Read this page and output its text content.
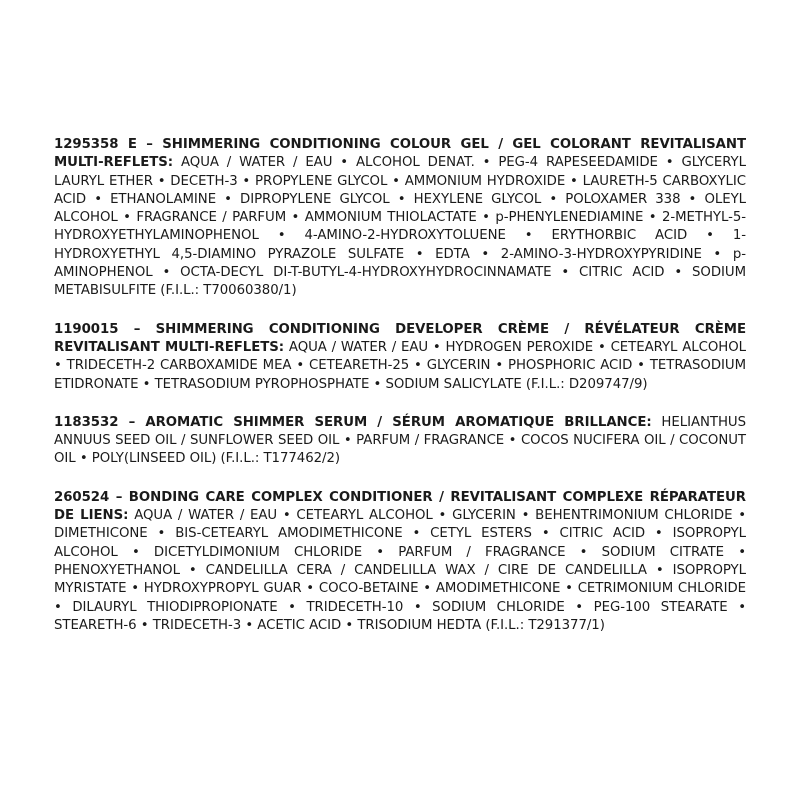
1295358 E – SHIMMERING CONDITIONING COLOUR GEL / GEL COLORANT REVITALISANT MULTI-REFLETS: AQUA / WATER / EAU • ALCOHOL DENAT. • PEG-4 RAPESEEDAMIDE • GLYCERYL LAURYL ETHER • DECETH-3 • PROPYLENE GLYCOL • AMMONIUM HYDROXIDE • LAURETH-5 CARBOXYLIC ACID • ETHANOLAMINE • DIPROPYLENE GLYCOL • HEXYLENE GLYCOL • POLOXAMER 338 • OLEYL ALCOHOL • FRAGRANCE / PARFUM • AMMONIUM THIOLACTATE • p-PHENYLENEDIAMINE • 2-METHYL-5-HYDROXYETHYLAMINOPHENOL • 4-AMINO-2-HYDROXYTOLUENE • ERYTHORBIC ACID • 1-HYDROXYETHYL 4,5-DIAMINO PYRAZOLE SULFATE • EDTA • 2-AMINO-3-HYDROXYPYRIDINE • p-AMINOPHENOL • OCTA-DECYL DI-T-BUTYL-4-HYDROXYHYDROCINNAMATE • CITRIC ACID • SODIUM METABISULFITE (F.I.L.: T70060380/1)

1190015 – SHIMMERING CONDITIONING DEVELOPER CRÈME / RÉVÉLATEUR CRÈME REVITALISANT MULTI-REFLETS: AQUA / WATER / EAU • HYDROGEN PEROXIDE • CETEARYL ALCOHOL • TRIDECETH-2 CARBOXAMIDE MEA • CETEARETH-25 • GLYCERIN • PHOSPHORIC ACID • TETRASODIUM ETIDRONATE • TETRASODIUM PYROPHOSPHATE • SODIUM SALICYLATE (F.I.L.: D209747/9)

1183532 – AROMATIC SHIMMER SERUM / SÉRUM AROMATIQUE BRILLANCE: HELIANTHUS ANNUUS SEED OIL / SUNFLOWER SEED OIL • PARFUM / FRAGRANCE • COCOS NUCIFERA OIL / COCONUT OIL • POLY(LINSEED OIL) (F.I.L.: T177462/2)

260524 – BONDING CARE COMPLEX CONDITIONER / REVITALISANT COMPLEXE RÉPARATEUR DE LIENS: AQUA / WATER / EAU • CETEARYL ALCOHOL • GLYCERIN • BEHENTRIMONIUM CHLORIDE • DIMETHICONE • BIS-CETEARYL AMODIMETHICONE • CETYL ESTERS • CITRIC ACID • ISOPROPYL ALCOHOL • DICETYLDIMONIUM CHLORIDE • PARFUM / FRAGRANCE • SODIUM CITRATE • PHENOXYETHANOL • CANDELILLA CERA / CANDELILLA WAX / CIRE DE CANDELILLA • ISOPROPYL MYRISTATE • HYDROXYPROPYL GUAR • COCO-BETAINE • AMODIMETHICONE • CETRIMONIUM CHLORIDE • DILAURYL THIODIPROPIONATE • TRIDECETH-10 • SODIUM CHLORIDE • PEG-100 STEARATE • STEARETH-6 • TRIDECETH-3 • ACETIC ACID • TRISODIUM HEDTA (F.I.L.: T291377/1)
